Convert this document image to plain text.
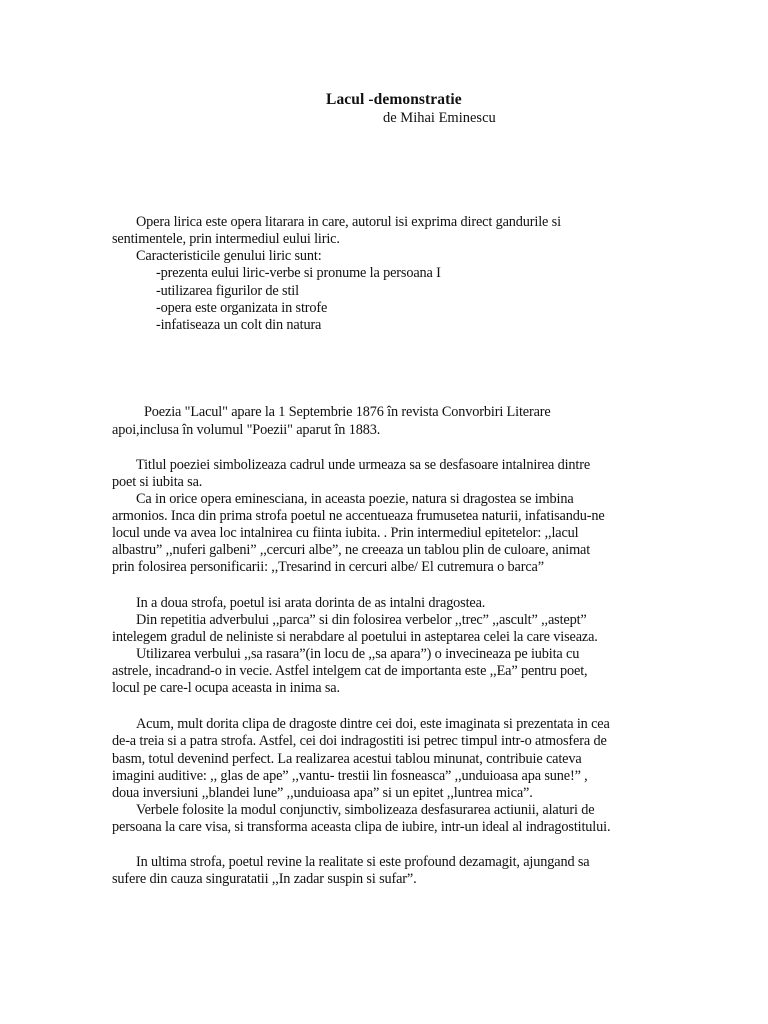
Lacul -demonstratie
de Mihai Eminescu
Opera lirica este opera litarara in care, autorul isi exprima direct gandurile si
sentimentele, prin intermediul eului liric.
Caracteristicile genului liric sunt:
-prezenta eului liric-verbe si pronume la persoana I
-utilizarea figurilor de stil
-opera este organizata in strofe
-infatiseaza un colt din natura
Poezia "Lacul" apare la 1 Septembrie 1876 în revista Convorbiri Literare
apoi,inclusa în volumul "Poezii" aparut în 1883.
Titlul poeziei simbolizeaza cadrul unde urmeaza sa se desfasoare intalnirea dintre
poet si iubita sa.
Ca in orice opera eminesciana, in aceasta poezie, natura si dragostea se imbina
armonios. Inca din prima strofa poetul ne accentueaza frumusetea naturii, infatisandu-ne
locul unde va avea loc intalnirea cu fiinta iubita. . Prin intermediul epitetelor: ,,lacul
albastru” ,,nuferi galbeni” ,,cercuri albe”, ne creeaza un tablou plin de culoare, animat
prin folosirea personificarii: ,,Tresarind in cercuri albe/ El cutremura o barca”
In a doua strofa, poetul isi arata dorinta de as intalni dragostea.
Din repetitia adverbului ,,parca” si din folosirea verbelor ,,trec” ,,ascult” ,,astept”
intelegem gradul de neliniste si nerabdare al poetului in asteptarea celei la care viseaza.
Utilizarea verbului ,,sa rasara”(in locu de ,,sa apara”) o invecineaza pe iubita cu
astrele, incadrand-o in vecie. Astfel intelgem cat de importanta este ,,Ea” pentru poet,
locul pe care-l ocupa aceasta in inima sa.
Acum, mult dorita clipa de dragoste dintre cei doi, este imaginata si prezentata in cea
de-a treia si a patra strofa. Astfel, cei doi indragostiti isi petrec timpul intr-o atmosfera de
basm, totul devenind perfect. La realizarea acestui tablou minunat, contribuie cateva
imagini auditive: ,, glas de ape” ,,vantu- trestii lin fosneasca” ,,unduioasa apa sune!” ,
doua inversiuni ,,blandei lune” ,,unduioasa apa” si un epitet ,,luntrea mica”.
Verbele folosite la modul conjunctiv, simbolizeaza desfasurarea actiunii, alaturi de
persoana la care visa, si transforma aceasta clipa de iubire, intr-un ideal al indragostitului.
In ultima strofa, poetul revine la realitate si este profound dezamagit, ajungand sa
sufere din cauza singuratatii ,,In zadar suspin si sufar”.
